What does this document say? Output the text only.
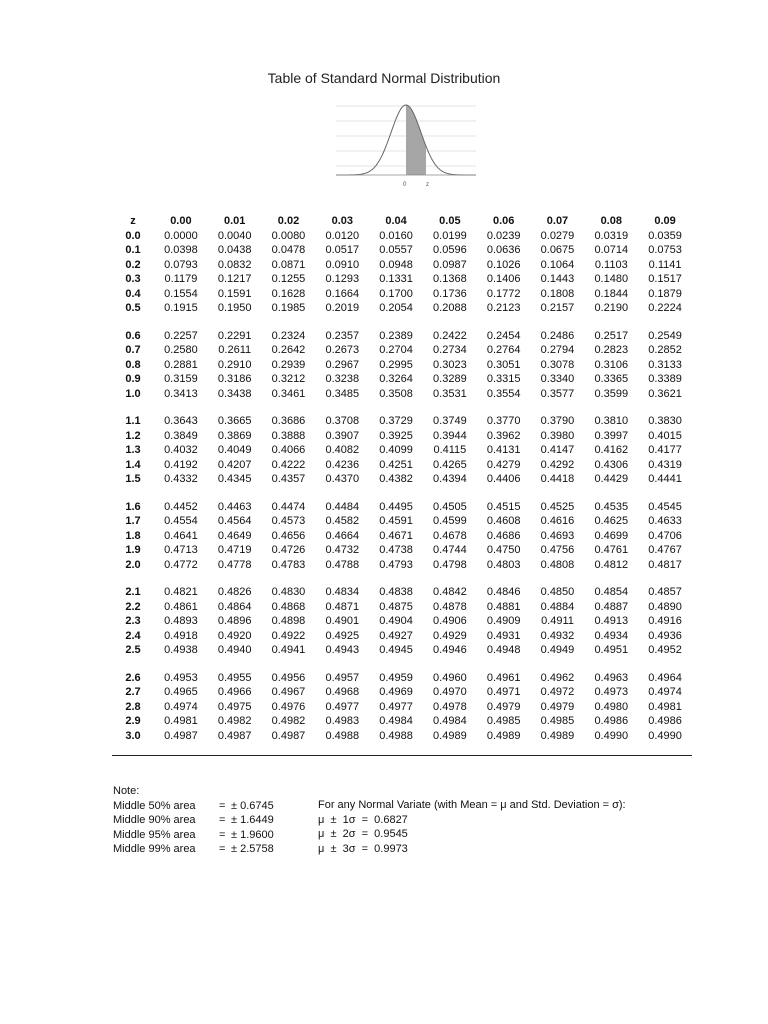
Table of Standard Normal Distribution
0	z
z	0.00	0.01	0.02	0.03	0.04	0.05	0.06	0.07	0.08	0.09
0.0	0.0000	0.0040	0.0080	0.0120	0.0160	0.0199	0.0239	0.0279	0.0319	0.0359
0.1	0.0398	0.0438	0.0478	0.0517	0.0557	0.0596	0.0636	0.0675	0.0714	0.0753
0.2	0.0793	0.0832	0.0871	0.0910	0.0948	0.0987	0.1026	0.1064	0.1103	0.1141
0.3	0.1179	0.1217	0.1255	0.1293	0.1331	0.1368	0.1406	0.1443	0.1480	0.1517
0.4	0.1554	0.1591	0.1628	0.1664	0.1700	0.1736	0.1772	0.1808	0.1844	0.1879
0.5	0.1915	0.1950	0.1985	0.2019	0.2054	0.2088	0.2123	0.2157	0.2190	0.2224

0.6	0.2257	0.2291	0.2324	0.2357	0.2389	0.2422	0.2454	0.2486	0.2517	0.2549
0.7	0.2580	0.2611	0.2642	0.2673	0.2704	0.2734	0.2764	0.2794	0.2823	0.2852
0.8	0.2881	0.2910	0.2939	0.2967	0.2995	0.3023	0.3051	0.3078	0.3106	0.3133
0.9	0.3159	0.3186	0.3212	0.3238	0.3264	0.3289	0.3315	0.3340	0.3365	0.3389
1.0	0.3413	0.3438	0.3461	0.3485	0.3508	0.3531	0.3554	0.3577	0.3599	0.3621

1.1	0.3643	0.3665	0.3686	0.3708	0.3729	0.3749	0.3770	0.3790	0.3810	0.3830
1.2	0.3849	0.3869	0.3888	0.3907	0.3925	0.3944	0.3962	0.3980	0.3997	0.4015
1.3	0.4032	0.4049	0.4066	0.4082	0.4099	0.4115	0.4131	0.4147	0.4162	0.4177
1.4	0.4192	0.4207	0.4222	0.4236	0.4251	0.4265	0.4279	0.4292	0.4306	0.4319
1.5	0.4332	0.4345	0.4357	0.4370	0.4382	0.4394	0.4406	0.4418	0.4429	0.4441

1.6	0.4452	0.4463	0.4474	0.4484	0.4495	0.4505	0.4515	0.4525	0.4535	0.4545
1.7	0.4554	0.4564	0.4573	0.4582	0.4591	0.4599	0.4608	0.4616	0.4625	0.4633
1.8	0.4641	0.4649	0.4656	0.4664	0.4671	0.4678	0.4686	0.4693	0.4699	0.4706
1.9	0.4713	0.4719	0.4726	0.4732	0.4738	0.4744	0.4750	0.4756	0.4761	0.4767
2.0	0.4772	0.4778	0.4783	0.4788	0.4793	0.4798	0.4803	0.4808	0.4812	0.4817

2.1	0.4821	0.4826	0.4830	0.4834	0.4838	0.4842	0.4846	0.4850	0.4854	0.4857
2.2	0.4861	0.4864	0.4868	0.4871	0.4875	0.4878	0.4881	0.4884	0.4887	0.4890
2.3	0.4893	0.4896	0.4898	0.4901	0.4904	0.4906	0.4909	0.4911	0.4913	0.4916
2.4	0.4918	0.4920	0.4922	0.4925	0.4927	0.4929	0.4931	0.4932	0.4934	0.4936
2.5	0.4938	0.4940	0.4941	0.4943	0.4945	0.4946	0.4948	0.4949	0.4951	0.4952

2.6	0.4953	0.4955	0.4956	0.4957	0.4959	0.4960	0.4961	0.4962	0.4963	0.4964
2.7	0.4965	0.4966	0.4967	0.4968	0.4969	0.4970	0.4971	0.4972	0.4973	0.4974
2.8	0.4974	0.4975	0.4976	0.4977	0.4977	0.4978	0.4979	0.4979	0.4980	0.4981
2.9	0.4981	0.4982	0.4982	0.4983	0.4984	0.4984	0.4985	0.4985	0.4986	0.4986
3.0	0.4987	0.4987	0.4987	0.4988	0.4988	0.4989	0.4989	0.4989	0.4990	0.4990
Note:
Middle 50% area	= ± 0.6745
Middle 90% area	= ± 1.6449
Middle 95% area	= ± 1.9600
Middle 99% area	= ± 2.5758
For any Normal Variate (with Mean = μ and Std. Deviation = σ):
μ  ±  1σ  =  0.6827
μ  ±  2σ  =  0.9545
μ  ±  3σ  =  0.9973
